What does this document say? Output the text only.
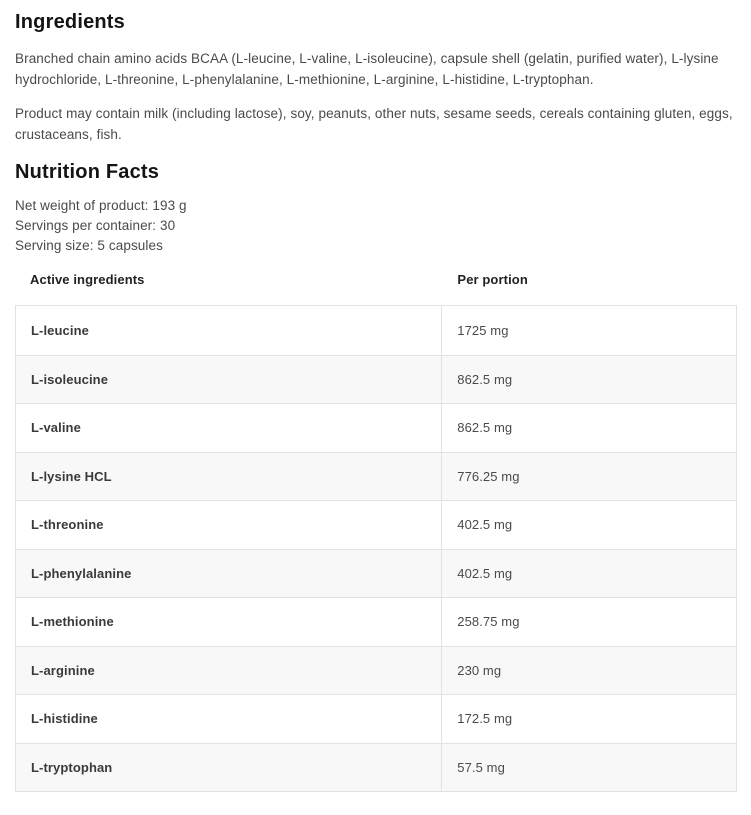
Ingredients

Branched chain amino acids BCAA (L-leucine, L-valine, L-isoleucine), capsule shell (gelatin, purified water), L-lysine hydrochloride, L-threonine, L-phenylalanine, L-methionine, L-arginine, L-histidine, L-tryptophan.

Product may contain milk (including lactose), soy, peanuts, other nuts, sesame seeds, cereals containing gluten, eggs, crustaceans, fish.

Nutrition Facts
Net weight of product: 193 g
Servings per container: 30
Serving size: 5 capsules
Active ingredients	Per portion
L-leucine	1725 mg
L-isoleucine	862.5 mg
L-valine	862.5 mg
L-lysine HCL	776.25 mg
L-threonine	402.5 mg
L-phenylalanine	402.5 mg
L-methionine	258.75 mg
L-arginine	230 mg
L-histidine	172.5 mg
L-tryptophan	57.5 mg
